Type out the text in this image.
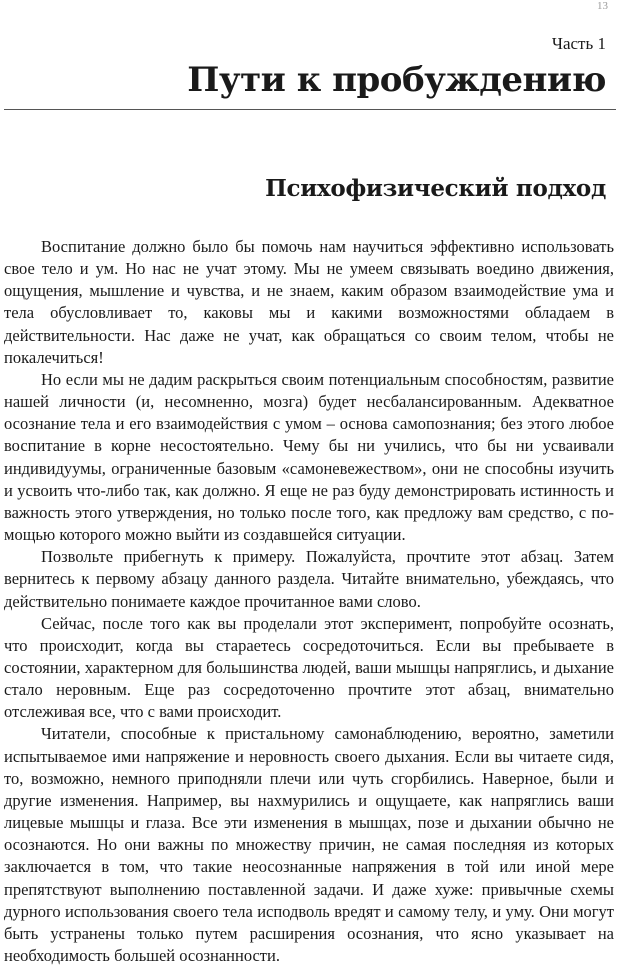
13
Часть 1
Пути к пробуждению
Психофизический подход

Воспитание должно было бы помочь нам научиться эффективно использовать свое тело и ум. Но нас не учат этому. Мы не умеем связывать воедино движения, ощущения, мышление и чувства, и не знаем, каким образом взаимодействие ума и тела обусловливает то, каковы мы и какими возможностями обладаем в действительности. Нас даже не учат, как обращаться со своим телом, чтобы не покалечиться!

Но если мы не дадим раскрыться своим потенциальным способностям, развитие нашей личности (и, несомненно, мозга) будет несбалансированным. Адекватное осознание тела и его взаимодействия с умом – основа самопознания; без этого любое воспитание в корне несостоятельно. Чему бы ни учились, что бы ни усваивали индивидуумы, ограниченные базовым «самоневежеством», они не способны изучить и усвоить что-либо так, как должно. Я еще не раз буду демонстрировать истинность и важность этого утверждения, но только после того, как предложу вам средство, с помощью которого можно выйти из создавшейся ситуации.

Позвольте прибегнуть к примеру. Пожалуйста, прочтите этот абзац. Затем вернитесь к первому абзацу данного раздела. Читайте внимательно, убеждаясь, что действительно понимаете каждое прочитанное вами слово.

Сейчас, после того как вы проделали этот эксперимент, попробуйте осознать, что происходит, когда вы стараетесь сосредоточиться. Если вы пребываете в состоянии, характерном для большинства людей, ваши мышцы напряглись, и дыхание стало неровным. Еще раз сосредоточенно прочтите этот абзац, внимательно отслеживая все, что с вами происходит.

Читатели, способные к пристальному самонаблюдению, вероятно, заметили испытываемое ими напряжение и неровность своего дыхания. Если вы читаете сидя, то, возможно, немного приподняли плечи или чуть сгорбились. Наверное, были и другие изменения. Например, вы нахмурились и ощущаете, как напряглись ваши лицевые мышцы и глаза. Все эти изменения в мышцах, позе и дыхании обычно не осознаются. Но они важны по множеству причин, не самая последняя из которых заключается в том, что такие неосознанные напряжения в той или иной мере препятствуют выполнению поставленной задачи. И даже хуже: привычные схемы дурного использования своего тела исподволь вредят и самому телу, и уму. Они могут быть устранены только путем расширения осознания, что ясно указывает на необходимость большей осознанности.
